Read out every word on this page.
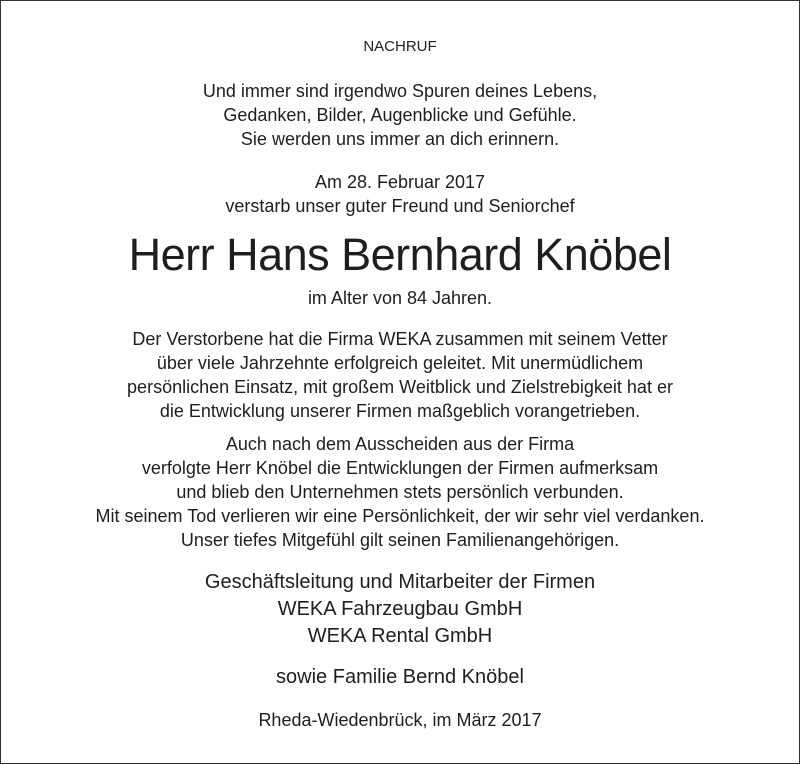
NACHRUF
Und immer sind irgendwo Spuren deines Lebens,
Gedanken, Bilder, Augenblicke und Gefühle.
Sie werden uns immer an dich erinnern.
Am 28. Februar 2017
verstarb unser guter Freund und Seniorchef
Herr Hans Bernhard Knöbel
im Alter von 84 Jahren.
Der Verstorbene hat die Firma WEKA zusammen mit seinem Vetter
über viele Jahrzehnte erfolgreich geleitet. Mit unermüdlichem
persönlichen Einsatz, mit großem Weitblick und Zielstrebigkeit hat er
die Entwicklung unserer Firmen maßgeblich vorangetrieben.
Auch nach dem Ausscheiden aus der Firma
verfolgte Herr Knöbel die Entwicklungen der Firmen aufmerksam
und blieb den Unternehmen stets persönlich verbunden.
Mit seinem Tod verlieren wir eine Persönlichkeit, der wir sehr viel verdanken.
Unser tiefes Mitgefühl gilt seinen Familienangehörigen.
Geschäftsleitung und Mitarbeiter der Firmen
WEKA Fahrzeugbau GmbH
WEKA Rental GmbH
sowie Familie Bernd Knöbel
Rheda-Wiedenbrück, im März 2017
